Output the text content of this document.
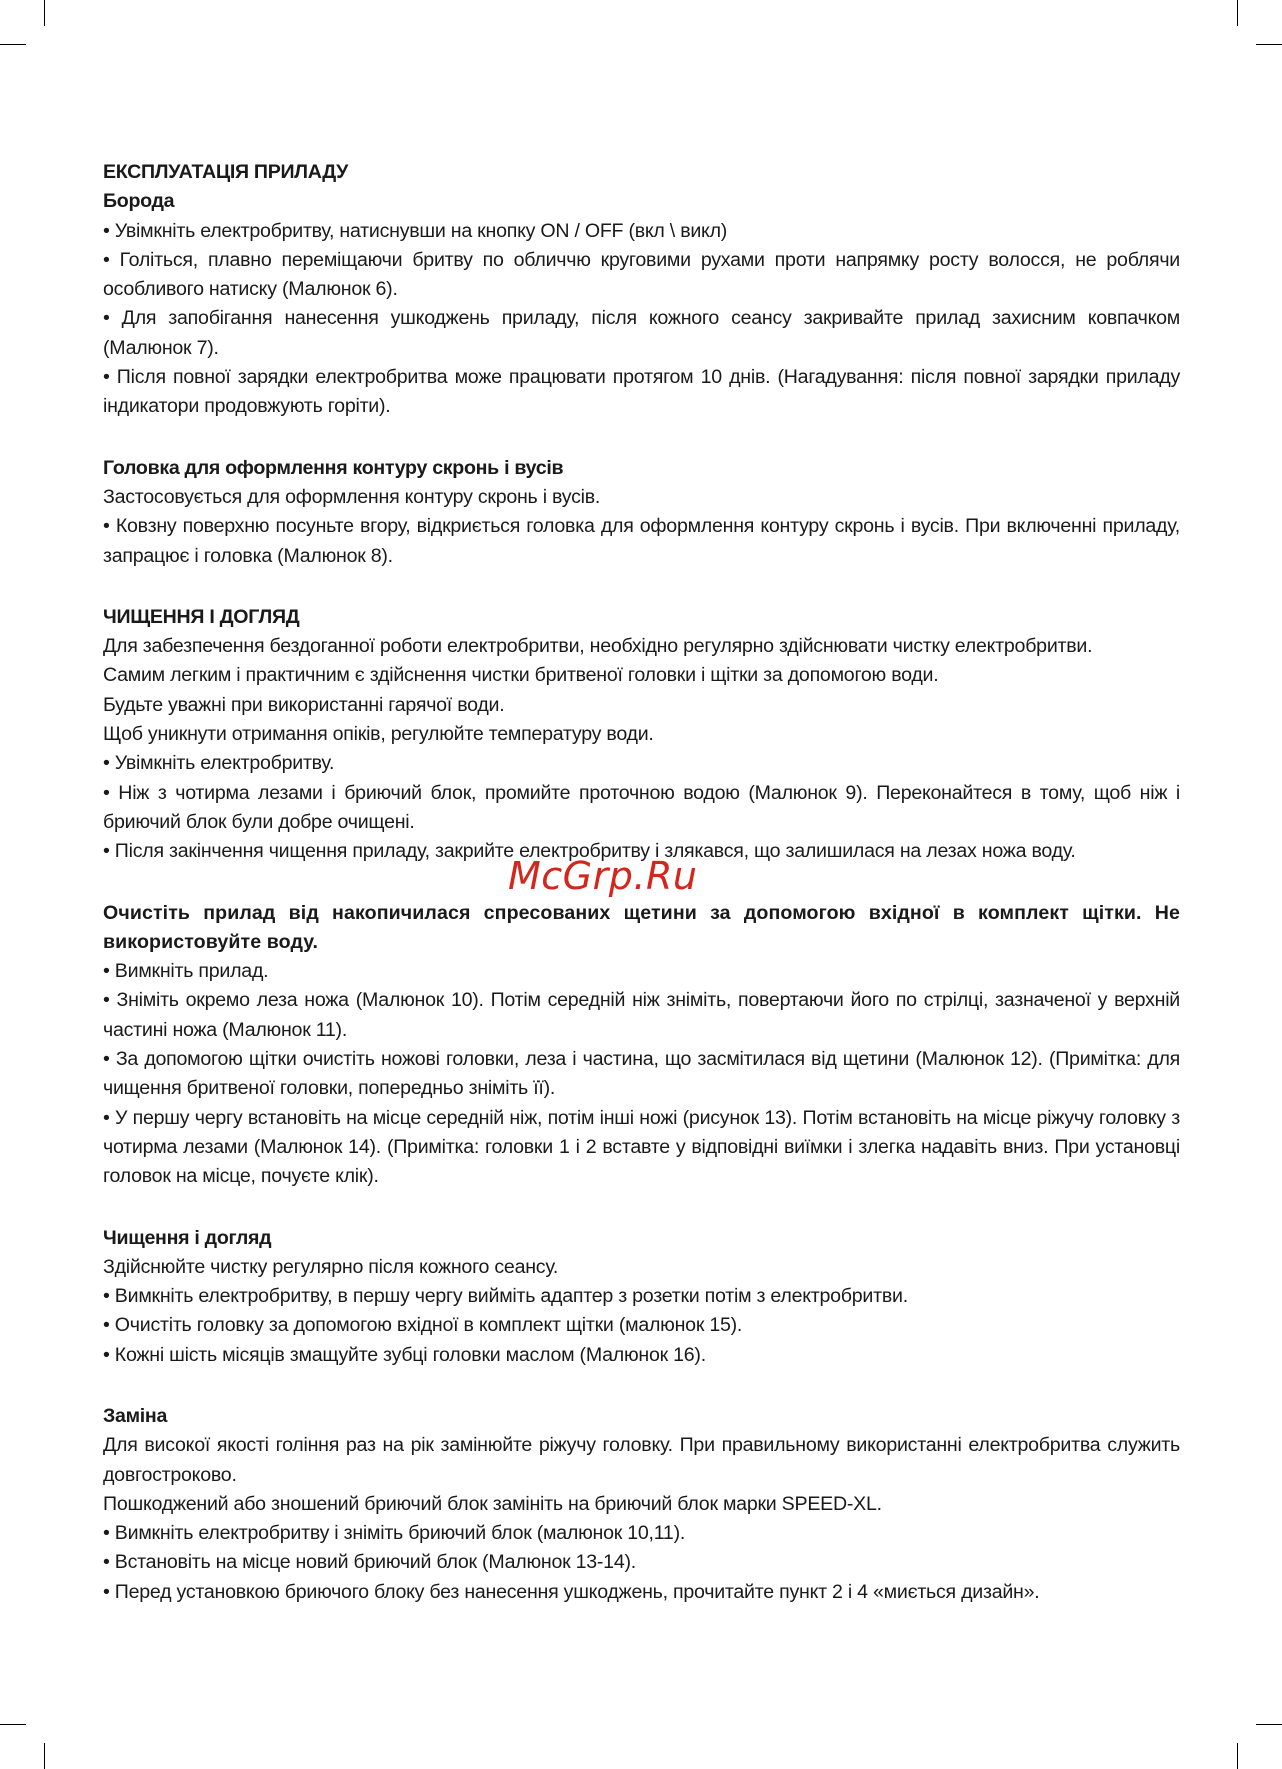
ЕКСПЛУАТАЦІЯ ПРИЛАДУ

Борода

• Увімкніть електробритву, натиснувши на кнопку ON / OFF (вкл \ викл)

• Голіться, плавно переміщаючи бритву по обличчю круговими рухами проти напрямку росту волосся, не роблячи особливого натиску (Малюнок 6).

• Для запобігання нанесення ушкоджень приладу, після кожного сеансу закривайте прилад захисним ковпачком (Малюнок 7).

• Після повної зарядки електробритва може працювати протягом 10 днів. (Нагадування: після повної зарядки приладу індикатори продовжують горіти).

Головка для оформлення контуру скронь і вусів

Застосовується для оформлення контуру скронь і вусів.

• Ковзну поверхню посуньте вгору, відкриється головка для оформлення контуру скронь і вусів. При включенні приладу, запрацює і головка (Малюнок 8).

ЧИЩЕННЯ І ДОГЛЯД

Для забезпечення бездоганної роботи електробритви, необхідно регулярно здійснювати чистку електробритви.

Самим легким і практичним є здійснення чистки бритвеної головки і щітки за допомогою води.

Будьте уважні при використанні гарячої води.

Щоб уникнути отримання опіків, регулюйте температуру води.

• Увімкніть електробритву.

• Ніж з чотирма лезами і бриючий блок, промийте проточною водою (Малюнок 9). Переконайтеся в тому, щоб ніж і бриючий блок були добре очищені.

• Після закінчення чищення приладу, закрийте електробритву і злякався, що залишилася на лезах ножа воду.

Очистіть прилад від накопичилася спресованих щетини за допомогою вхідної в комплект щітки. Не використовуйте воду.

• Вимкніть прилад.

• Зніміть окремо леза ножа (Малюнок 10). Потім середній ніж зніміть, повертаючи його по стрілці, зазначеної у верхній частині ножа (Малюнок 11).

• За допомогою щітки очистіть ножові головки, леза і частина, що засмітилася від щетини (Малюнок 12). (Примітка: для чищення бритвеної головки, попередньо зніміть її).

• У першу чергу встановіть на місце середній ніж, потім інші ножі (рисунок 13). Потім встановіть на місце ріжучу головку з чотирма лезами (Малюнок 14). (Примітка: головки 1 і 2 вставте у відповідні виїмки і злегка надавіть вниз. При установці головок на місце, почуєте клік).

Чищення і догляд

Здійснюйте чистку регулярно після кожного сеансу.

• Вимкніть електробритву, в першу чергу вийміть адаптер з розетки потім з електробритви.

• Очистіть головку за допомогою вхідної в комплект щітки (малюнок 15).

• Кожні шість місяців змащуйте зубці головки маслом (Малюнок 16).

Заміна

Для високої якості гоління раз на рік замінюйте ріжучу головку. При правильному використанні електробритва служить довгостроково.

Пошкоджений або зношений бриючий блок замініть на бриючий блок марки SPEED-XL.

• Вимкніть електробритву і зніміть бриючий блок (малюнок 10,11).

• Встановіть на місце новий бриючий блок (Малюнок 13-14).

• Перед установкою бриючого блоку без нанесення ушкоджень, прочитайте пункт 2 і 4 «миється дизайн».

McGrp.Ru
